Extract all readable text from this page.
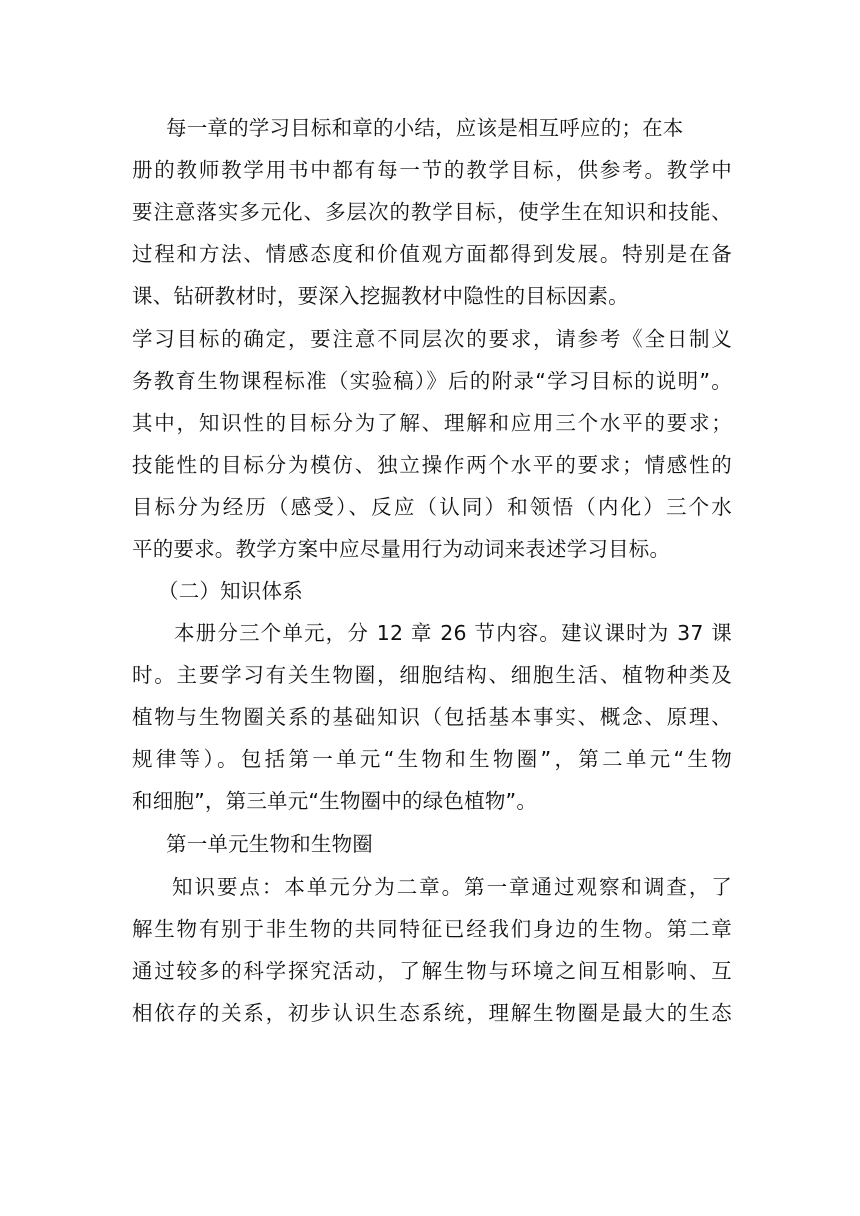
每一章的学习目标和章的小结，应该是相互呼应的；在本
册的教师教学用书中都有每一节的教学目标，供参考。教学中
要注意落实多元化、多层次的教学目标，使学生在知识和技能、
过程和方法、情感态度和价值观方面都得到发展。特别是在备
课、钻研教材时，要深入挖掘教材中隐性的目标因素。
学习目标的确定，要注意不同层次的要求，请参考《全日制义
务教育生物课程标准（实验稿）》后的附录“学习目标的说明”。
其中，知识性的目标分为了解、理解和应用三个水平的要求；
技能性的目标分为模仿、独立操作两个水平的要求；情感性的
目标分为经历（感受）、反应（认同）和领悟（内化）三个水
平的要求。教学方案中应尽量用行为动词来表述学习目标。
（二）知识体系
本册分三个单元，分 12 章 26 节内容。建议课时为 37 课
时。主要学习有关生物圈，细胞结构、细胞生活、植物种类及
植物与生物圈关系的基础知识（包括基本事实、概念、原理、
规律等）。包括第一单元“生物和生物圈”，第二单元“生物
和细胞”，第三单元“生物圈中的绿色植物”。
第一单元生物和生物圈
知识要点：本单元分为二章。第一章通过观察和调查，了
解生物有别于非生物的共同特征已经我们身边的生物。第二章
通过较多的科学探究活动，了解生物与环境之间互相影响、互
相依存的关系，初步认识生态系统，理解生物圈是最大的生态
